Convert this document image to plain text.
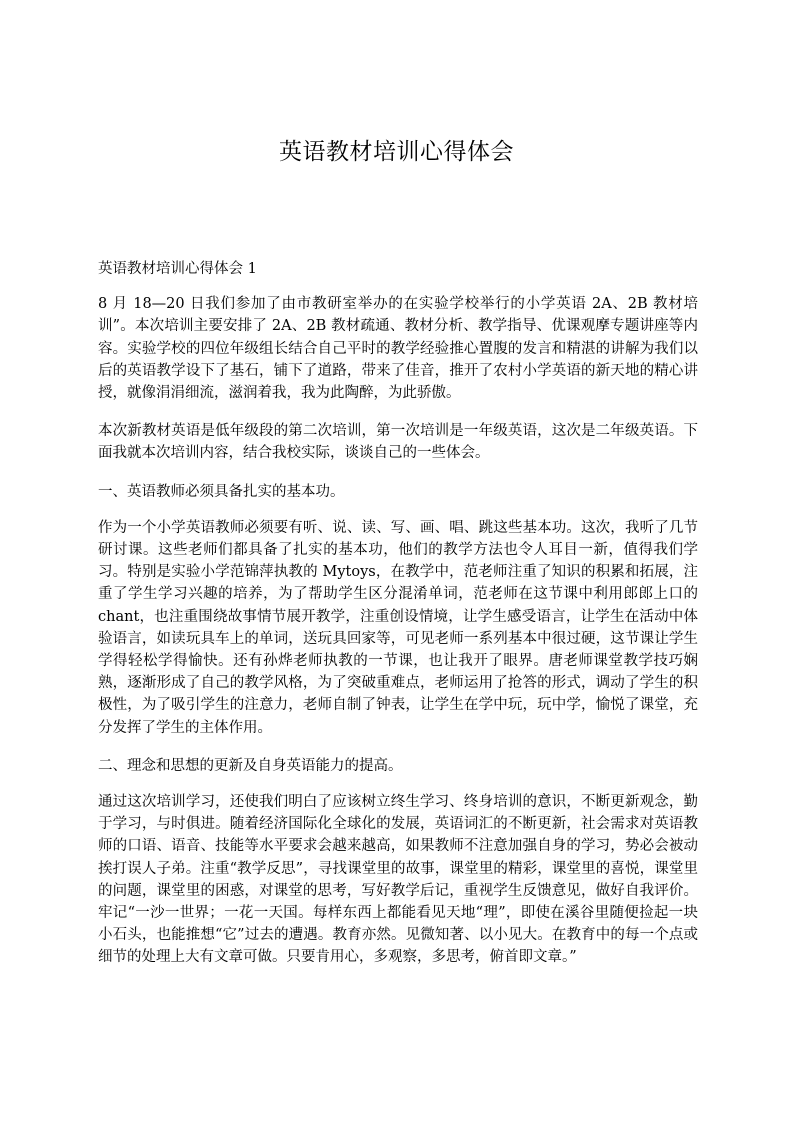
英语教材培训心得体会

英语教材培训心得体会 1

8 月 18—20 日我们参加了由市教研室举办的在实验学校举行的小学英语 2A、2B 教材培训”。本次培训主要安排了 2A、2B 教材疏通、教材分析、教学指导、优课观摩专题讲座等内容。实验学校的四位年级组长结合自己平时的教学经验推心置腹的发言和精湛的讲解为我们以后的英语教学设下了基石，铺下了道路，带来了佳音，推开了农村小学英语的新天地的精心讲授，就像涓涓细流，滋润着我，我为此陶醉，为此骄傲。

本次新教材英语是低年级段的第二次培训，第一次培训是一年级英语，这次是二年级英语。下面我就本次培训内容，结合我校实际，谈谈自己的一些体会。

一、英语教师必须具备扎实的基本功。

作为一个小学英语教师必须要有听、说、读、写、画、唱、跳这些基本功。这次，我听了几节研讨课。这些老师们都具备了扎实的基本功，他们的教学方法也令人耳目一新，值得我们学习。特别是实验小学范锦萍执教的 Mytoys，在教学中，范老师注重了知识的积累和拓展，注重了学生学习兴趣的培养，为了帮助学生区分混淆单词，范老师在这节课中利用郎郎上口的 chant，也注重围绕故事情节展开教学，注重创设情境，让学生感受语言，让学生在活动中体验语言，如读玩具车上的单词，送玩具回家等，可见老师一系列基本中很过硬，这节课让学生学得轻松学得愉快。还有孙烨老师执教的一节课，也让我开了眼界。唐老师课堂教学技巧娴熟，逐渐形成了自己的教学风格，为了突破重难点，老师运用了抢答的形式，调动了学生的积极性，为了吸引学生的注意力，老师自制了钟表，让学生在学中玩，玩中学，愉悦了课堂，充分发挥了学生的主体作用。

二、理念和思想的更新及自身英语能力的提高。

通过这次培训学习，还使我们明白了应该树立终生学习、终身培训的意识，不断更新观念，勤于学习，与时俱进。随着经济国际化全球化的发展，英语词汇的不断更新，社会需求对英语教师的口语、语音、技能等水平要求会越来越高，如果教师不注意加强自身的学习，势必会被动挨打误人子弟。注重“教学反思”，寻找课堂里的故事，课堂里的精彩，课堂里的喜悦，课堂里的问题，课堂里的困惑，对课堂的思考，写好教学后记，重视学生反馈意见，做好自我评价。牢记“一沙一世界；一花一天国。每样东西上都能看见天地“理”，即使在溪谷里随便捡起一块小石头，也能推想“它”过去的遭遇。教育亦然。见微知著、以小见大。在教育中的每一个点或细节的处理上大有文章可做。只要肯用心，多观察，多思考，俯首即文章。”
